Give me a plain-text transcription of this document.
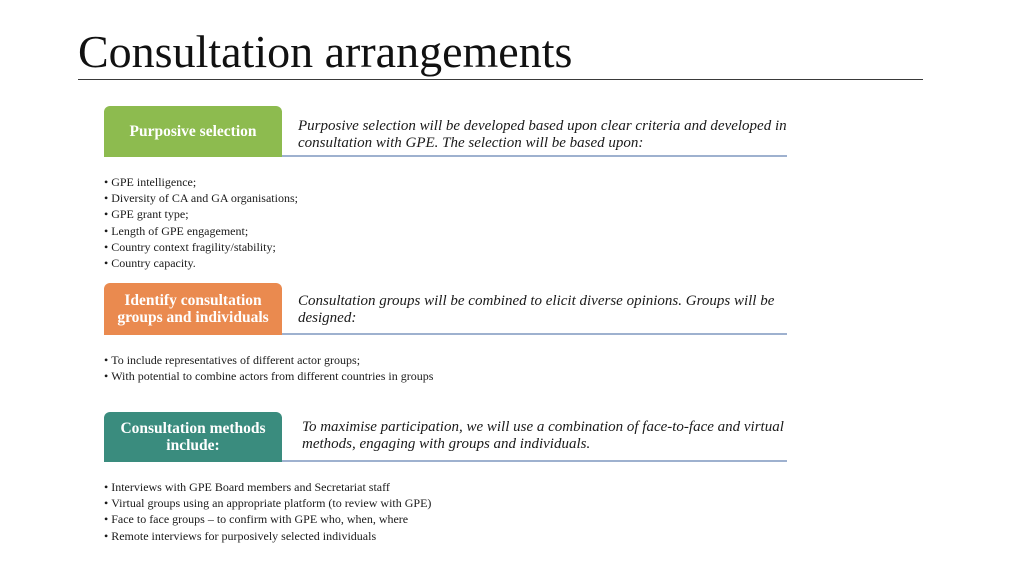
Consultation arrangements
Purposive selection	Purposive selection will be developed based upon clear criteria and developed in consultation with GPE. The selection will be based upon:
• GPE intelligence;
• Diversity of CA and GA organisations;
• GPE grant type;
• Length of GPE engagement;
• Country context fragility/stability;
• Country capacity.
Identify consultation groups and individuals
Consultation groups will be combined to elicit diverse opinions. Groups will be designed:
• To include representatives of different actor groups;
• With potential to combine actors from different countries in groups
Consultation methods include:
To maximise participation, we will use a combination of face-to-face and virtual methods, engaging with groups and individuals.
• Interviews with GPE Board members and Secretariat staff
• Virtual groups using an appropriate platform (to review with GPE)
• Face to face groups – to confirm with GPE who, when, where
• Remote interviews for purposively selected individuals
